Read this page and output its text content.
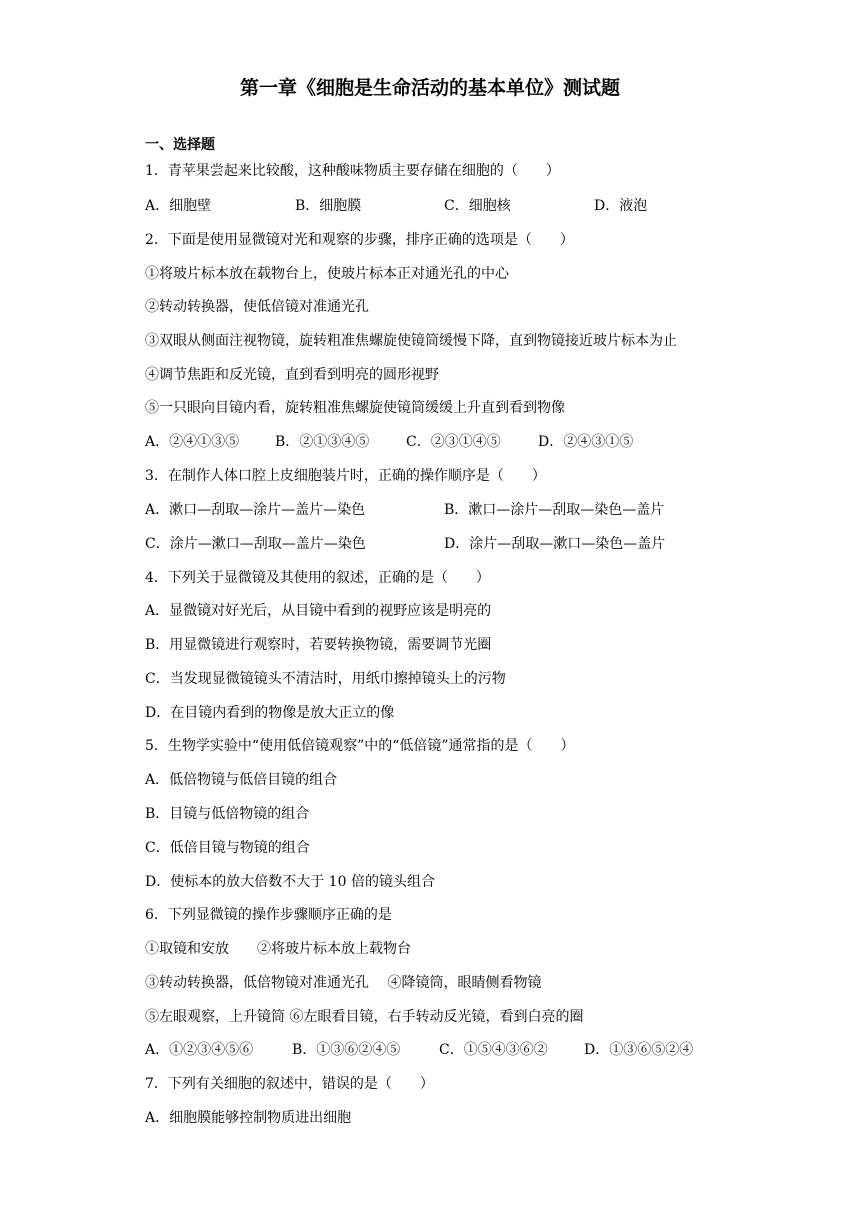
第一章《细胞是生命活动的基本单位》测试题
一、选择题
1．青苹果尝起来比较酸，这种酸味物质主要存储在细胞的（　　）
A．细胞壁	B．细胞膜	C．细胞核	D．液泡
2．下面是使用显微镜对光和观察的步骤，排序正确的选项是（　　）
①将玻片标本放在载物台上，使玻片标本正对通光孔的中心
②转动转换器，使低倍镜对准通光孔
③双眼从侧面注视物镜，旋转粗准焦螺旋使镜筒缓慢下降，直到物镜接近玻片标本为止
④调节焦距和反光镜，直到看到明亮的圆形视野
⑤一只眼向目镜内看，旋转粗准焦螺旋使镜筒缓缓上升直到看到物像
A．②④①③⑤	B．②①③④⑤	C．②③①④⑤	D．②④③①⑤
3．在制作人体口腔上皮细胞装片时，正确的操作顺序是（　　）
A．漱口—刮取—涂片—盖片—染色	B．漱口—涂片—刮取—染色—盖片
C．涂片—漱口—刮取—盖片—染色	D．涂片—刮取—漱口—染色—盖片
4．下列关于显微镜及其使用的叙述，正确的是（　　）
A．显微镜对好光后，从目镜中看到的视野应该是明亮的
B．用显微镜进行观察时，若要转换物镜，需要调节光圈
C．当发现显微镜镜头不清洁时，用纸巾擦掉镜头上的污物
D．在目镜内看到的物像是放大正立的像
5．生物学实验中“使用低倍镜观察”中的“低倍镜”通常指的是（　　）
A．低倍物镜与低倍目镜的组合
B．目镜与低倍物镜的组合
C．低倍目镜与物镜的组合
D．使标本的放大倍数不大于 10 倍的镜头组合
6．下列显微镜的操作步骤顺序正确的是
①取镜和安放　　②将玻片标本放上载物台
③转动转换器，低倍物镜对准通光孔　 ④降镜筒，眼睛侧看物镜
⑤左眼观察，上升镜筒 ⑥左眼看目镜，右手转动反光镜，看到白亮的圈
A．①②③④⑤⑥	B．①③⑥②④⑤	C．①⑤④③⑥②	D．①③⑥⑤②④
7．下列有关细胞的叙述中，错误的是（　　）
A．细胞膜能够控制物质进出细胞
